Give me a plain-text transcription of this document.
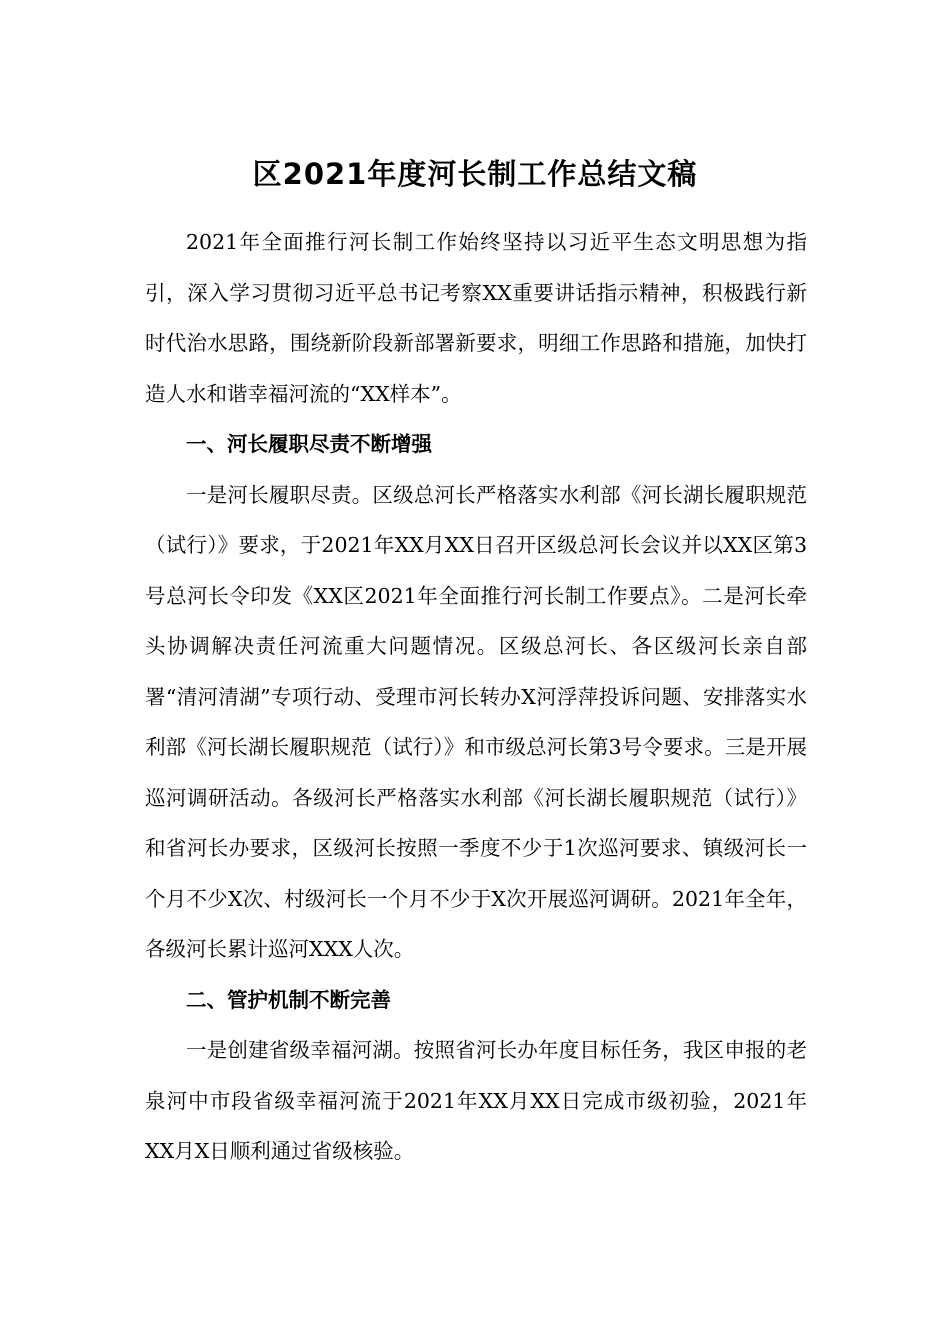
区2021年度河长制工作总结文稿

2021年全面推行河长制工作始终坚持以习近平生态文明思想为指引，深入学习贯彻习近平总书记考察XX重要讲话指示精神，积极践行新时代治水思路，围绕新阶段新部署新要求，明细工作思路和措施，加快打造人水和谐幸福河流的“XX样本”。

一、河长履职尽责不断增强

一是河长履职尽责。区级总河长严格落实水利部《河长湖长履职规范（试行）》要求，于2021年XX月XX日召开区级总河长会议并以XX区第3号总河长令印发《XX区2021年全面推行河长制工作要点》。二是河长牵头协调解决责任河流重大问题情况。区级总河长、各区级河长亲自部署“清河清湖”专项行动、受理市河长转办X河浮萍投诉问题、安排落实水利部《河长湖长履职规范（试行）》和市级总河长第3号令要求。三是开展巡河调研活动。各级河长严格落实水利部《河长湖长履职规范（试行）》和省河长办要求，区级河长按照一季度不少于1次巡河要求、镇级河长一个月不少X次、村级河长一个月不少于X次开展巡河调研。2021年全年，各级河长累计巡河XXX人次。

二、管护机制不断完善

一是创建省级幸福河湖。按照省河长办年度目标任务，我区申报的老泉河中市段省级幸福河流于2021年XX月XX日完成市级初验，2021年XX月X日顺利通过省级核验。
